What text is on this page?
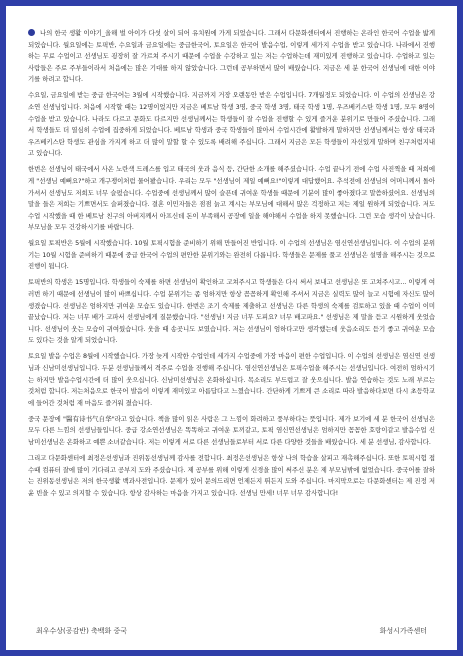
나의 한국 생활 이야기_올해 벌 아이가 다섯 살이 되어 유치원에 가게 되었습니다. 그래서 다문화센터에서 진행하는 온라인 한국어 수업을 밟게 되었습니다. 월요일에는 토픽반, 수요일과 금요일에는 중급한국어, 토요일은 한국어 발음수업, 이렇게 세가지 수업을 받고 있습니다. 나라에서 진행하는 무료 수업이고 선생님도 굉장히 잘 가르쳐 주시기 때문에 수업을 수강하고 있는 저는 수업하는데 재미있게 진행하고 있습니다. 수업하고 있는 사람들은 주로 주부들이라서 처음에는 많은 기대를 하지 않았습니다. 그런데 공부하면서 많이 배웠습니다. 지금은 세 분 한국어 선생님에 대한 이야기를 하려고 합니다.

수요일, 금요일에 받는 중급 한국어는 3월에 시작했습니다. 지금까지 거장 오랜동안 받은 수업입니다. 7개월정도 되었습니다. 이 수업의 선생님은 강소연 선생님입니다. 처음에 시작할 때는 12명이었지만 지금은 베트남 학생 3명, 중국 학생 3명, 태국 학생 1명, 우즈베키스탄 학생 1명, 모두 8명이 수업을 받고 있습니다. 나라도 다르고 문화도 다르지만 선생님께서는 학생들이 잘 수업을 진행할 수 있게 즐거운 분위기로 만들어 주셨습니다. 그래서 학생들도 더 열심히 수업에 집중하게 되었습니다. 베트남 학생과 중국 학생들이 많아서 수업시간에 활발하게 말하지만 선생님께서는 항상 태국과 우즈베키스탄 학생도 관심을 가지게 하고 더 많이 말할 할 수 있도록 배려해 주십니다. 그래서 지금은 모든 학생들이 자신있게 말하며 친구처럼지내고 있습니다.

한번은 선생님이 태국에서 사온 노란색 드레스를 입고 태국의 웃과 음식 등, 간단한 소개를 해주셨습니다. 수업 끝나기 전에 수업 사진찍을 때 저희에게 "선생님 예뻐요?"하고 개구쟁이처럼 물어봤습니다. 우리는 모두 "선생님이 제일 예뻐요!"이렇게 대답했어요. 추석전에 선생님의 어머니께서 돌아가셔서 선생님도 저희도 너무 슬펐습니다. 수업중에 선생님께서 많이 슬픈데 귀여운 학생들 때문에 기분이 많이 좋아졌다고 말씀하셨어요. 선생님의 말을 들은 저희는 기쁘면서도 슬퍼졌습니다. 결혼 이민자들은 점점 늙고 계시는 부모님에 대해서 많은 걱정하고 저는 제일 원하게 되었습니다. 저도 수업 시작했을 때 한 베트남 친구의 아버지께서 아프신데 돈이 부족해서 공장에 일을 해야해서 수업을 하지 못했습니다. 그런 모습 생각이 났습니다. 부모님을 모두 건강하시기를 바랍니다.

월요일 토픽반은 5월에 시작했습니다. 10월 토픽시험을 준비하기 위해 만들어진 반입니다. 이 수업의 선생님은 염신연선생님입니다. 이 수업의 분위기는 10월 시험을 준비하기 때문에 중급 한국어 수업의 편안한 분위기와는 완전히 다릅니다. 학생들은 문제를 풀고 선생님은 설명을 해주시는 것으로 진행이 됩니다.

토픽반의 학생은 15명입니다. 학생들이 숙제를 하면 선생님이 확인하고 고쳐주시고 학생들은 다시 써서 보내고 선생님은 또 고쳐주시고... 이렇게 여러번 하기 때문에 선생님이 많이 바쁘십니다. 수업 분위기는 좀 엄하지만 항상 꼼꼼하게 확인해 주셔서 지금은 실력도 많이 늘고 시험에 자신도 많이 생겼습니다. 선생님은 엄하지만 귀여운 모습도 있습니다. 한번은 조기 숙제를 제출하고 선생님은 다른 학생의 숙제를 검토하고 있을 때 수업이 이미 끝났습니다. 저는 너무 배가 고파서 선생님에게 질문했습니다. "선생님! 지금 너무 도피요? 너무 배고파요." 선생님은 제 말을 듣고 시원하게 웃었습니다. 선생님이 웃는 모습이 귀여웠습니다. 웃을 때 송곳니도 보였습니다. 저는 선생님이 엄하다고만 생각했는데 웃음소리도 듣기 좋고 귀여운 모습도 있다는 것을 알게 되었습니다.

토요일 발음 수업은 8월에 시작했습니다. 가장 늦게 시작한 수업인데 세가지 수업중에 가장 마음이 편한 수업입니다. 이 수업의 선생님은 염신연 선생님과 신남미선생님입니다. 두분 선생님들께서 격주로 수업을 진행해 주십니다. 염신연선생님은 토픽수업을 해주시는 선생님입니다. 여전히 엄하시기는 하지만 발음수업시간에 더 많이 웃으십니다. 신남미선생님은 온화하십니다. 목소리도 부드럽고 잘 웃으십니다. 발음 연습하는 것도 노래 부르는 것처럼 합니다. 저는처음으로 한국어 발음이 이렇게 재미있고 아름답다고 느꼈습니다. 간단하게 기쁘게 큰 소리로 따라 발음하다보면 다시 초등학교에 들어간 것처럼 재 마음도 즐거워 졌습니다.

중국 문장에 "醫有诗书气自华"라고 있습니다. 책을 많이 읽은 사람은 그 느낌이 화려하고 풍부하다는 뜻입니다. 제가 보기에 세 분 한국어 선생님은 모두 다른 느낌의 선생님들입니다. 중급 강소연선생님은 똑똑하고 귀여운 토끼같고, 토픽 염신연선생님은 엄하지만 꼼꼼한 호랑이같고 발음수업 신남미선생님은 온화하고 예쁜 소녀같습니다. 저는 이렇게 서로 다른 선생님들로부터 서로 다른 다양한 것들을 배웠습니다. 세 분 선생님, 감사합니다.

그리고 다문화센터에 최정은선생님과 진위동선생님께 감사를 전합니다. 최정은선생님은 항상 나의 학습을 살피고 재촉해주십니다. 또한 토픽시험 접수때 컴퓨터 잘에 많이 기다리고 공부지 도와 주셨습니다. 제 공부를 위해 이렇게 신경을 많이 써주신 분은 제 부모님밖에 없었습니다. 중국어를 잘하는 진위동선생님은 저의 한국생활 백과사전입니다. 문제가 있어 문의드리면 언제든지 뛰든지 도와 주십니다. 마지막으로는 다문화센터는 제 진정 저윤 빈을 수 있고 의지할 수 있습니다. 항상 감사하는 마음을 가지고 있습니다. 선생님 만세! 너무 너무 감사합니다!

최우수상(공감반) 축백화 중국	화성시가족센터
